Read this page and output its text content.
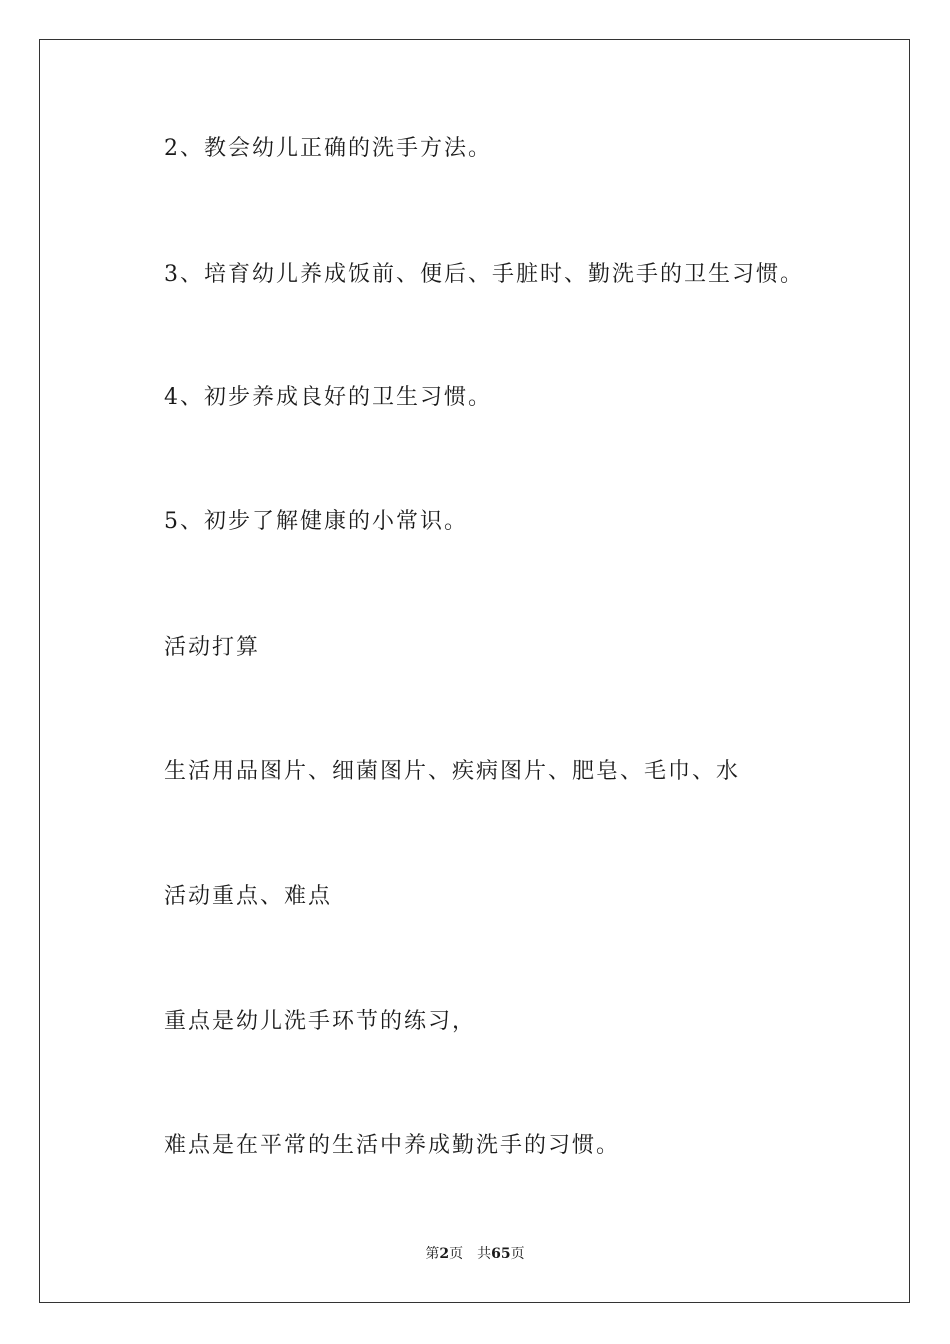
2、教会幼儿正确的洗手方法。

3、培育幼儿养成饭前、便后、手脏时、勤洗手的卫生习惯。

4、初步养成良好的卫生习惯。

5、初步了解健康的小常识。

活动打算

生活用品图片、细菌图片、疾病图片、肥皂、毛巾、水

活动重点、难点

重点是幼儿洗手环节的练习，

难点是在平常的生活中养成勤洗手的习惯。

第2页 共65页
